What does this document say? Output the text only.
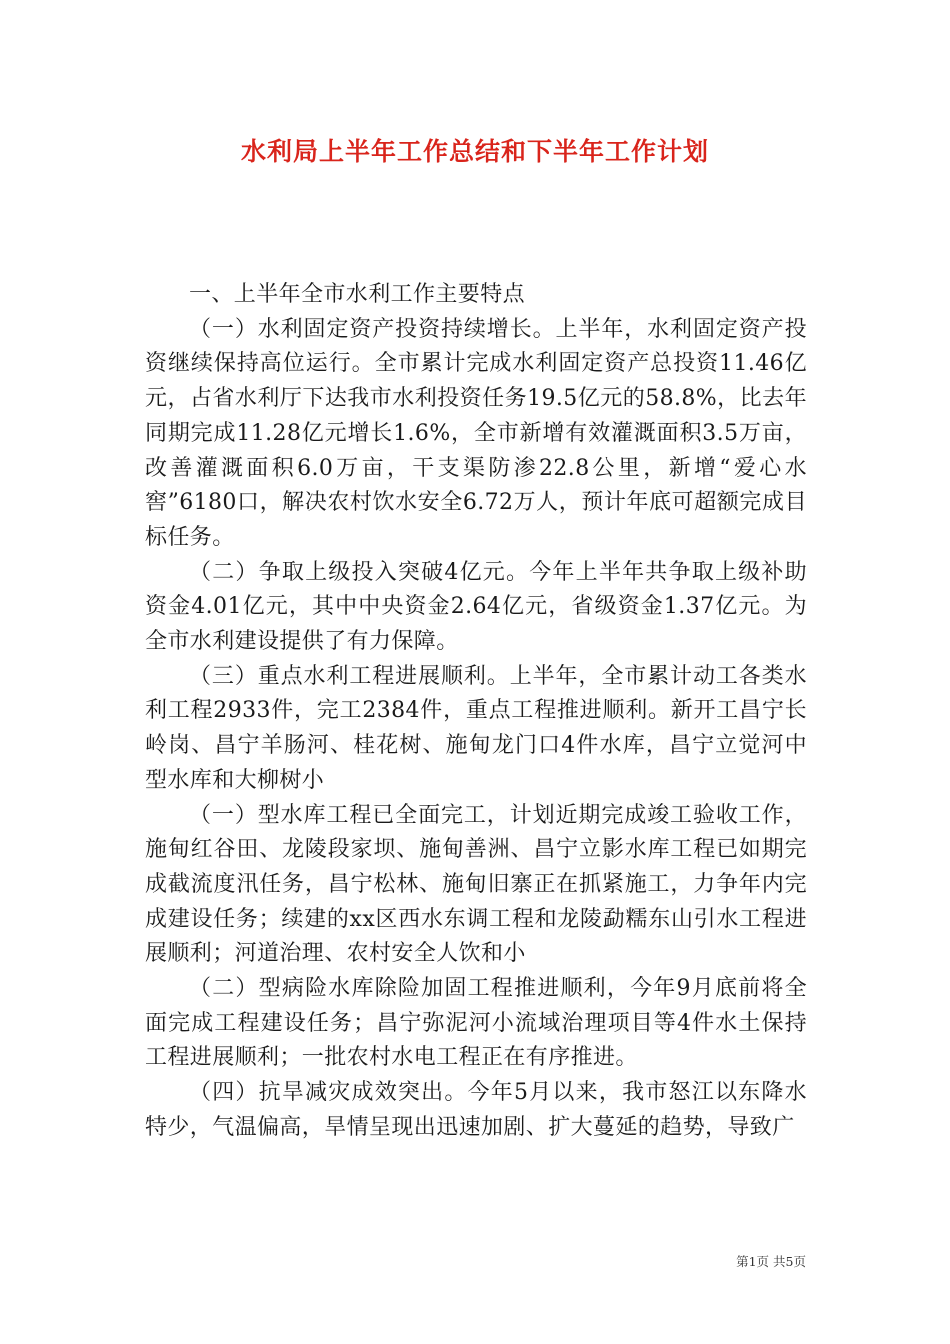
水利局上半年工作总结和下半年工作计划

一、上半年全市水利工作主要特点

（一）水利固定资产投资持续增长。上半年，水利固定资产投资继续保持高位运行。全市累计完成水利固定资产总投资11.46亿元，占省水利厅下达我市水利投资任务19.5亿元的58.8%，比去年同期完成11.28亿元增长1.6%，全市新增有效灌溉面积3.5万亩，改善灌溉面积6.0万亩，干支渠防渗22.8公里，新增“爱心水窖”6180口，解决农村饮水安全6.72万人，预计年底可超额完成目标任务。

（二）争取上级投入突破4亿元。今年上半年共争取上级补助资金4.01亿元，其中中央资金2.64亿元，省级资金1.37亿元。为全市水利建设提供了有力保障。

（三）重点水利工程进展顺利。上半年，全市累计动工各类水利工程2933件，完工2384件，重点工程推进顺利。新开工昌宁长岭岗、昌宁羊肠河、桂花树、施甸龙门口4件水库，昌宁立觉河中型水库和大柳树小

（一）型水库工程已全面完工，计划近期完成竣工验收工作，施甸红谷田、龙陵段家坝、施甸善洲、昌宁立影水库工程已如期完成截流度汛任务，昌宁松林、施甸旧寨正在抓紧施工，力争年内完成建设任务；续建的xx区西水东调工程和龙陵勐糯东山引水工程进展顺利；河道治理、农村安全人饮和小

（二）型病险水库除险加固工程推进顺利，今年9月底前将全面完成工程建设任务；昌宁弥泥河小流域治理项目等4件水土保持工程进展顺利；一批农村水电工程正在有序推进。

（四）抗旱减灾成效突出。今年5月以来，我市怒江以东降水特少，气温偏高，旱情呈现出迅速加剧、扩大蔓延的趋势，导致广

第1页 共5页
